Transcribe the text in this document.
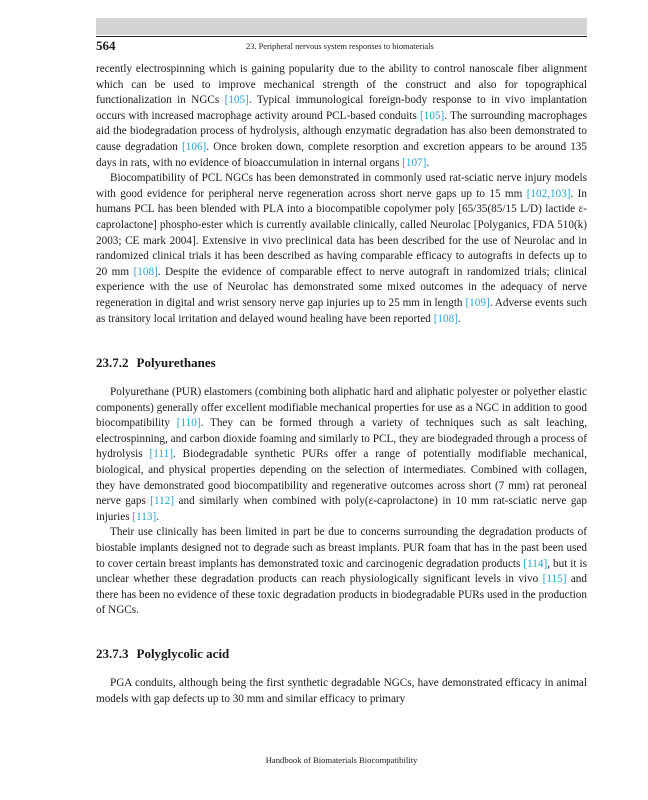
564	23. Peripheral nervous system responses to biomaterials

recently electrospinning which is gaining popularity due to the ability to control nanoscale fiber alignment which can be used to improve mechanical strength of the construct and also for topographical functionalization in NGCs [105]. Typical immunological foreign-body response to in vivo implantation occurs with increased macrophage activity around PCL-based conduits [105]. The surrounding macrophages aid the biodegradation process of hydrolysis, although enzymatic degradation has also been demonstrated to cause degradation [106]. Once broken down, complete resorption and excretion appears to be around 135 days in rats, with no evidence of bioaccumulation in internal organs [107].

Biocompatibility of PCL NGCs has been demonstrated in commonly used rat-sciatic nerve injury models with good evidence for peripheral nerve regeneration across short nerve gaps up to 15 mm [102,103]. In humans PCL has been blended with PLA into a biocompatible copolymer poly [65/35(85/15 L/D) lactide ε-caprolactone] phospho-ester which is currently available clinically, called Neurolac [Polyganics, FDA 510(k) 2003; CE mark 2004]. Extensive in vivo preclinical data has been described for the use of Neurolac and in randomized clinical trials it has been described as having comparable efficacy to autografts in defects up to 20 mm [108]. Despite the evidence of comparable effect to nerve autograft in randomized trials; clinical experience with the use of Neurolac has demonstrated some mixed outcomes in the adequacy of nerve regeneration in digital and wrist sensory nerve gap injuries up to 25 mm in length [109]. Adverse events such as transitory local irritation and delayed wound healing have been reported [108].

23.7.2 Polyurethanes

Polyurethane (PUR) elastomers (combining both aliphatic hard and aliphatic polyester or polyether elastic components) generally offer excellent modifiable mechanical properties for use as a NGC in addition to good biocompatibility [110]. They can be formed through a variety of techniques such as salt leaching, electrospinning, and carbon dioxide foaming and similarly to PCL, they are biodegraded through a process of hydrolysis [111]. Biodegradable synthetic PURs offer a range of potentially modifiable mechanical, biological, and physical properties depending on the selection of intermediates. Combined with collagen, they have demonstrated good biocompatibility and regenerative outcomes across short (7 mm) rat peroneal nerve gaps [112] and similarly when combined with poly(ε-caprolactone) in 10 mm rat-sciatic nerve gap injuries [113].

Their use clinically has been limited in part be due to concerns surrounding the degradation products of biostable implants designed not to degrade such as breast implants. PUR foam that has in the past been used to cover certain breast implants has demonstrated toxic and carcinogenic degradation products [114], but it is unclear whether these degradation products can reach physiologically significant levels in vivo [115] and there has been no evidence of these toxic degradation products in biodegradable PURs used in the production of NGCs.

23.7.3 Polyglycolic acid

PGA conduits, although being the first synthetic degradable NGCs, have demonstrated efficacy in animal models with gap defects up to 30 mm and similar efficacy to primary

Handbook of Biomaterials Biocompatibility
